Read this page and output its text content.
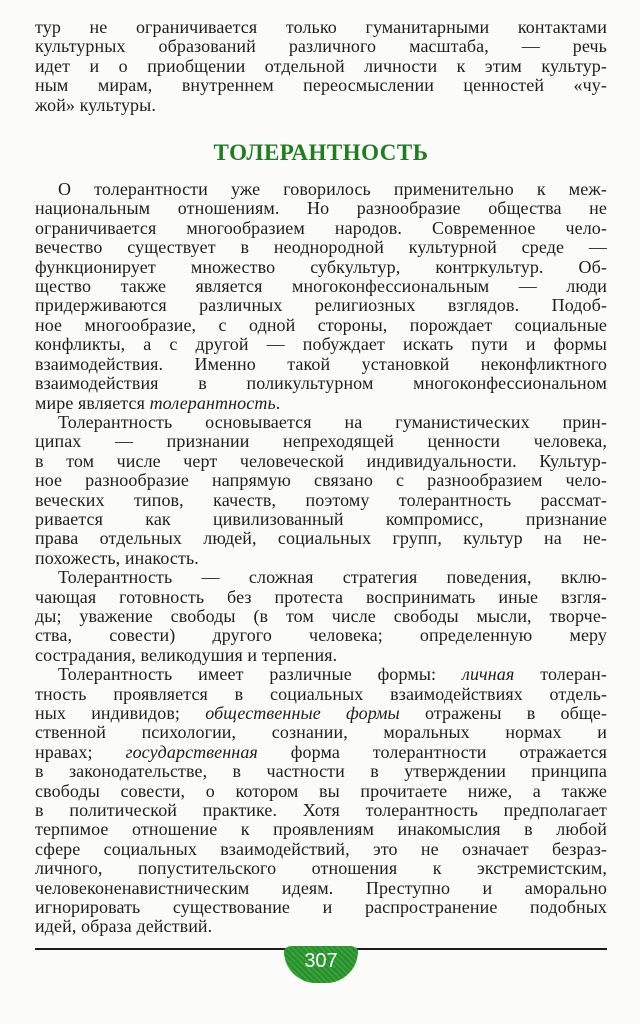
тур не ограничивается только гуманитарными контактами
культурных образований различного масштаба, — речь
идет и о приобщении отдельной личности к этим культур-
ным мирам, внутреннем переосмыслении ценностей «чу-
жой» культуры.
ТОЛЕРАНТНОСТЬ
О толерантности уже говорилось применительно к меж-
национальным отношениям. Но разнообразие общества не
ограничивается многообразием народов. Современное чело-
вечество существует в неоднородной культурной среде —
функционирует множество субкультур, контркультур. Об-
щество также является многоконфессиональным — люди
придерживаются различных религиозных взглядов. Подоб-
ное многообразие, с одной стороны, порождает социальные
конфликты, а с другой — побуждает искать пути и формы
взаимодействия. Именно такой установкой неконфликтного
взаимодействия в поликультурном многоконфессиональном
мире является толерантность.
Толерантность основывается на гуманистических прин-
ципах — признании непреходящей ценности человека,
в том числе черт человеческой индивидуальности. Культур-
ное разнообразие напрямую связано с разнообразием чело-
веческих типов, качеств, поэтому толерантность рассмат-
ривается как цивилизованный компромисс, признание
права отдельных людей, социальных групп, культур на не-
похожесть, инакость.
Толерантность — сложная стратегия поведения, вклю-
чающая готовность без протеста воспринимать иные взгля-
ды; уважение свободы (в том числе свободы мысли, творче-
ства, совести) другого человека; определенную меру
сострадания, великодушия и терпения.
Толерантность имеет различные формы: личная толеран-
тность проявляется в социальных взаимодействиях отдель-
ных индивидов; общественные формы отражены в обще-
ственной психологии, сознании, моральных нормах и
нравах; государственная форма толерантности отражается
в законодательстве, в частности в утверждении принципа
свободы совести, о котором вы прочитаете ниже, а также
в политической практике. Хотя толерантность предполагает
терпимое отношение к проявлениям инакомыслия в любой
сфере социальных взаимодействий, это не означает безраз-
личного, попустительского отношения к экстремистским,
человеконенавистническим идеям. Преступно и аморально
игнорировать существование и распространение подобных
идей, образа действий.
307
